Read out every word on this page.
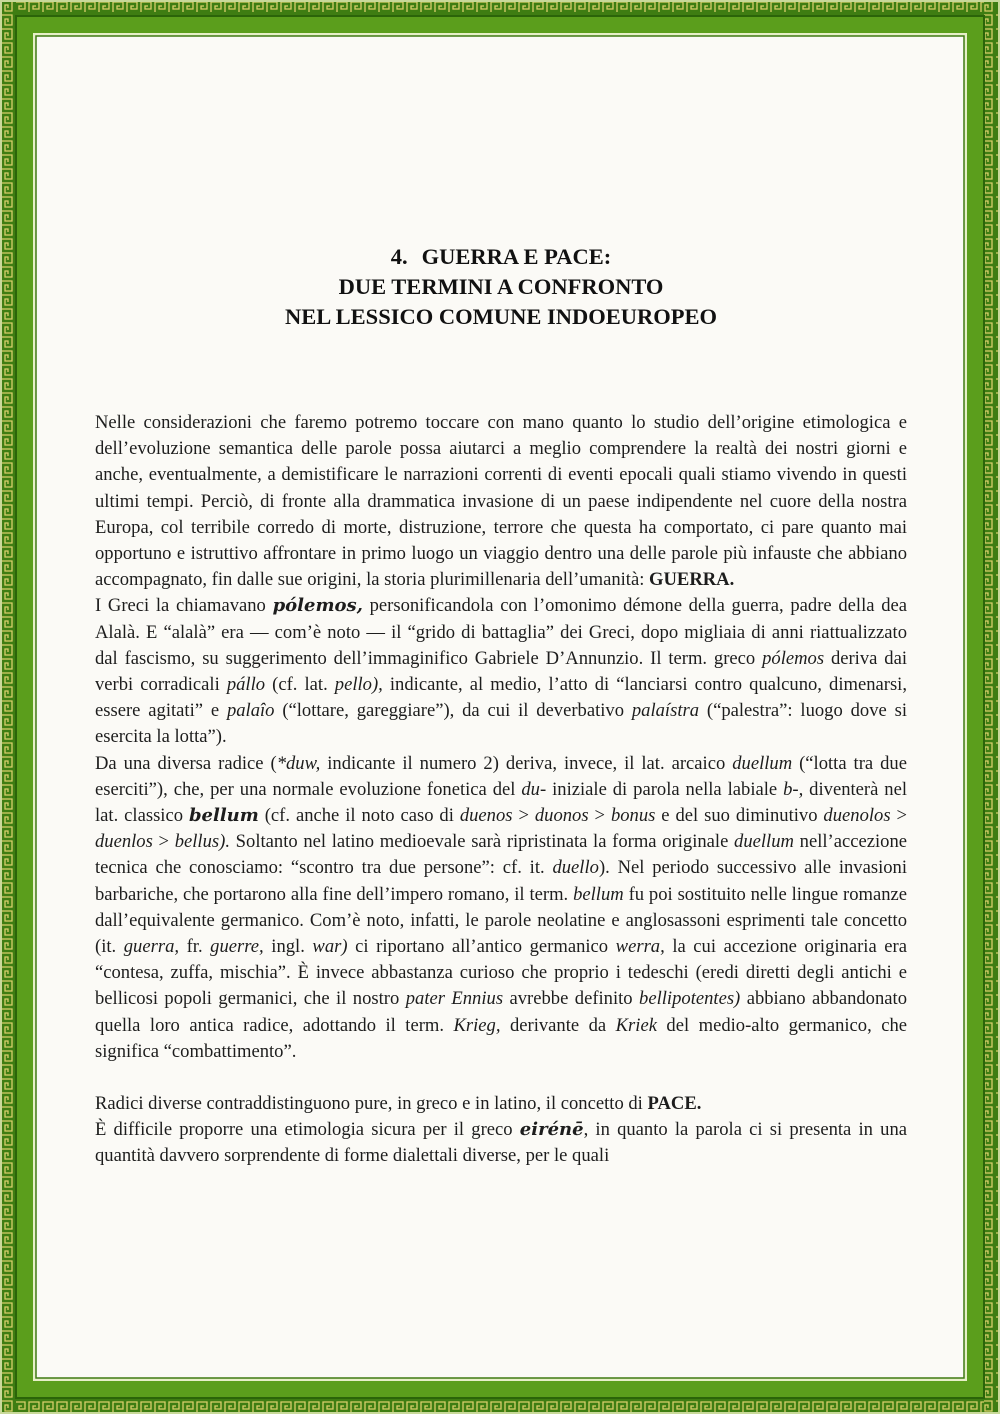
4. GUERRA E PACE:
DUE TERMINI A CONFRONTO
NEL LESSICO COMUNE INDOEUROPEO

Nelle considerazioni che faremo potremo toccare con mano quanto lo studio dell’origine etimologica e dell’evoluzione semantica delle parole possa aiutarci a meglio comprendere la realtà dei nostri giorni e anche, eventualmente, a demistificare le narrazioni correnti di eventi epocali quali stiamo vivendo in questi ultimi tempi. Perciò, di fronte alla drammatica invasione di un paese indipendente nel cuore della nostra Europa, col terribile corredo di morte, distruzione, terrore che questa ha comportato, ci pare quanto mai opportuno e istruttivo affrontare in primo luogo un viaggio dentro una delle parole più infauste che abbiano accompagnato, fin dalle sue origini, la storia plurimillenaria dell’umanità: GUERRA.

I Greci la chiamavano pólemos, personificandola con l’omonimo démone della guerra, padre della dea Alalà. E “alalà” era — com’è noto — il “grido di battaglia” dei Greci, dopo migliaia di anni riattualizzato dal fascismo, su suggerimento dell’immaginifico Gabriele D’Annunzio. Il term. greco pólemos deriva dai verbi corradicali pállo (cf. lat. pello), indicante, al medio, l’atto di “lanciarsi contro qualcuno, dimenarsi, essere agitati” e palaîo (“lottare, gareggiare”), da cui il deverbativo palaístra (“palestra”: luogo dove si esercita la lotta”).

Da una diversa radice (*duw, indicante il numero 2) deriva, invece, il lat. arcaico duellum (“lotta tra due eserciti”), che, per una normale evoluzione fonetica del du- iniziale di parola nella labiale b-, diventerà nel lat. classico bellum (cf. anche il noto caso di duenos > duonos > bonus e del suo diminutivo duenolos > duenlos > bellus). Soltanto nel latino medioevale sarà ripristinata la forma originale duellum nell’accezione tecnica che conosciamo: “scontro tra due persone”: cf. it. duello). Nel periodo successivo alle invasioni barbariche, che portarono alla fine dell’impero romano, il term. bellum fu poi sostituito nelle lingue romanze dall’equivalente germanico. Com’è noto, infatti, le parole neolatine e anglosassoni esprimenti tale concetto (it. guerra, fr. guerre, ingl. war) ci riportano all’antico germanico werra, la cui accezione originaria era “contesa, zuffa, mischia”. È invece abbastanza curioso che proprio i tedeschi (eredi diretti degli antichi e bellicosi popoli germanici, che il nostro pater Ennius avrebbe definito bellipotentes) abbiano abbandonato quella loro antica radice, adottando il term. Krieg, derivante da Kriek del medio-alto germanico, che significa “combattimento”.

Radici diverse contraddistinguono pure, in greco e in latino, il concetto di PACE.

È difficile proporre una etimologia sicura per il greco eirénē, in quanto la parola ci si presenta in una quantità davvero sorprendente di forme dialettali diverse, per le quali
